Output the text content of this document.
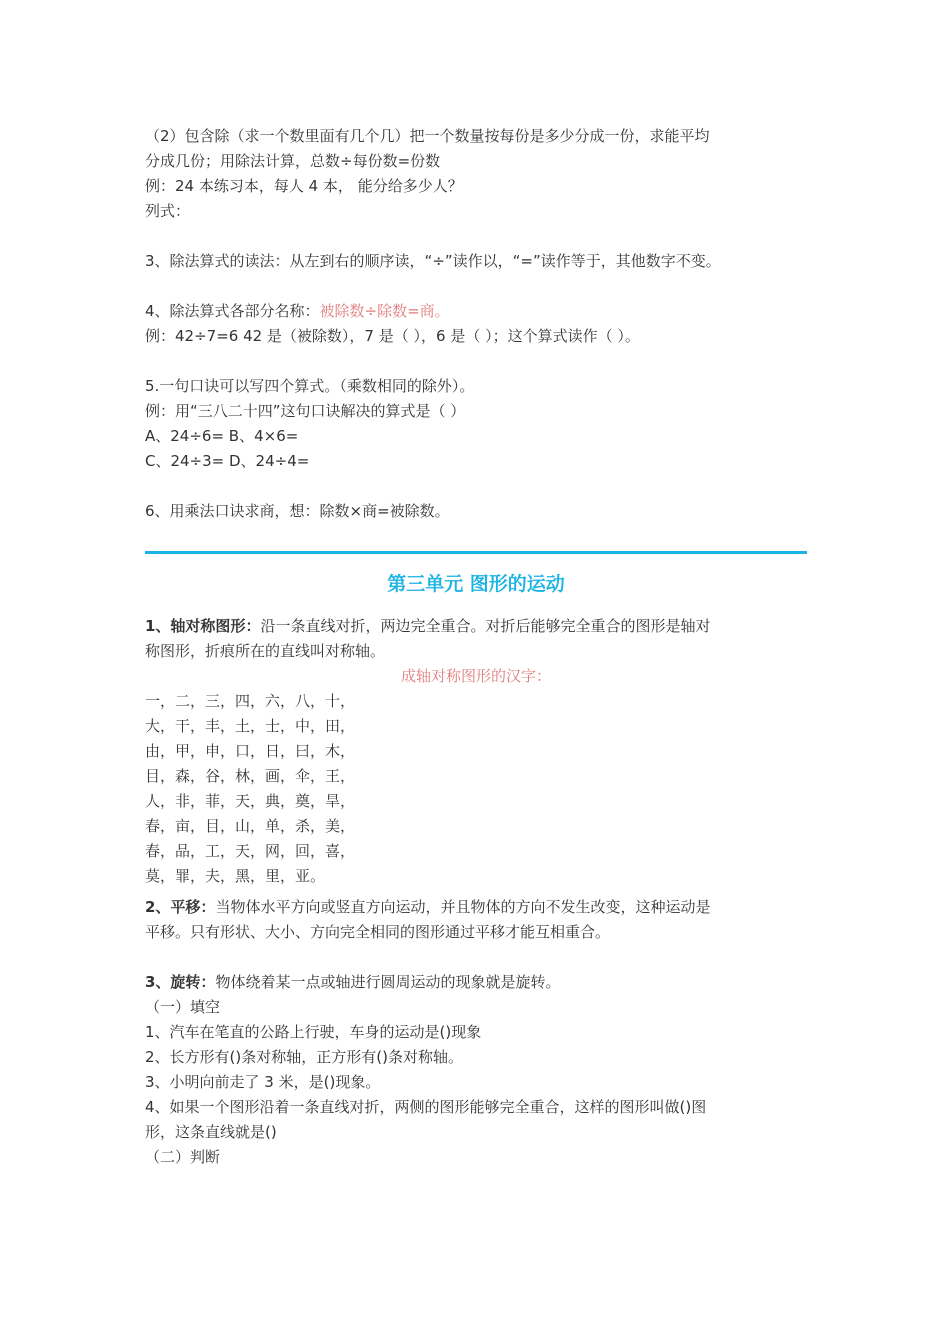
（2）包含除（求一个数里面有几个几）把一个数量按每份是多少分成一份，求能平均

分成几份；用除法计算，总数÷每份数=份数

例：24 本练习本，每人 4 本， 能分给多少人？

列式：

3、除法算式的读法：从左到右的顺序读，“÷”读作以，“=”读作等于，其他数字不变。

4、除法算式各部分名称：被除数÷除数=商。

例：42÷7=6 42 是（被除数），7 是（ ），6 是（ ）；这个算式读作（ ）。

5.一句口诀可以写四个算式。（乘数相同的除外）。

例：用“三八二十四”这句口诀解决的算式是（ ）

A、24÷6= B、4×6=

C、24÷3= D、24÷4=

6、用乘法口诀求商，想：除数×商=被除数。

第三单元 图形的运动

1、轴对称图形：沿一条直线对折，两边完全重合。对折后能够完全重合的图形是轴对

称图形，折痕所在的直线叫对称轴。

成轴对称图形的汉字：

一，二，三，四，六，八，十，

大，干，丰，土，士，中，田，

由，甲，申，口，日，曰，木，

目，森，谷，林，画，伞，王，

人，非，菲，天，典，奠，旱，

春，亩，目，山，单，杀，美，

春，品，工，天，网，回，喜，

莫，罪，夫，黑，里，亚。

2、平移：当物体水平方向或竖直方向运动，并且物体的方向不发生改变，这种运动是

平移。只有形状、大小、方向完全相同的图形通过平移才能互相重合。

3、旋转：物体绕着某一点或轴进行圆周运动的现象就是旋转。

（一）填空

1、汽车在笔直的公路上行驶，车身的运动是()现象

2、长方形有()条对称轴，正方形有()条对称轴。

3、小明向前走了 3 米，是()现象。

4、如果一个图形沿着一条直线对折，两侧的图形能够完全重合，这样的图形叫做()图

形，这条直线就是()

（二）判断
